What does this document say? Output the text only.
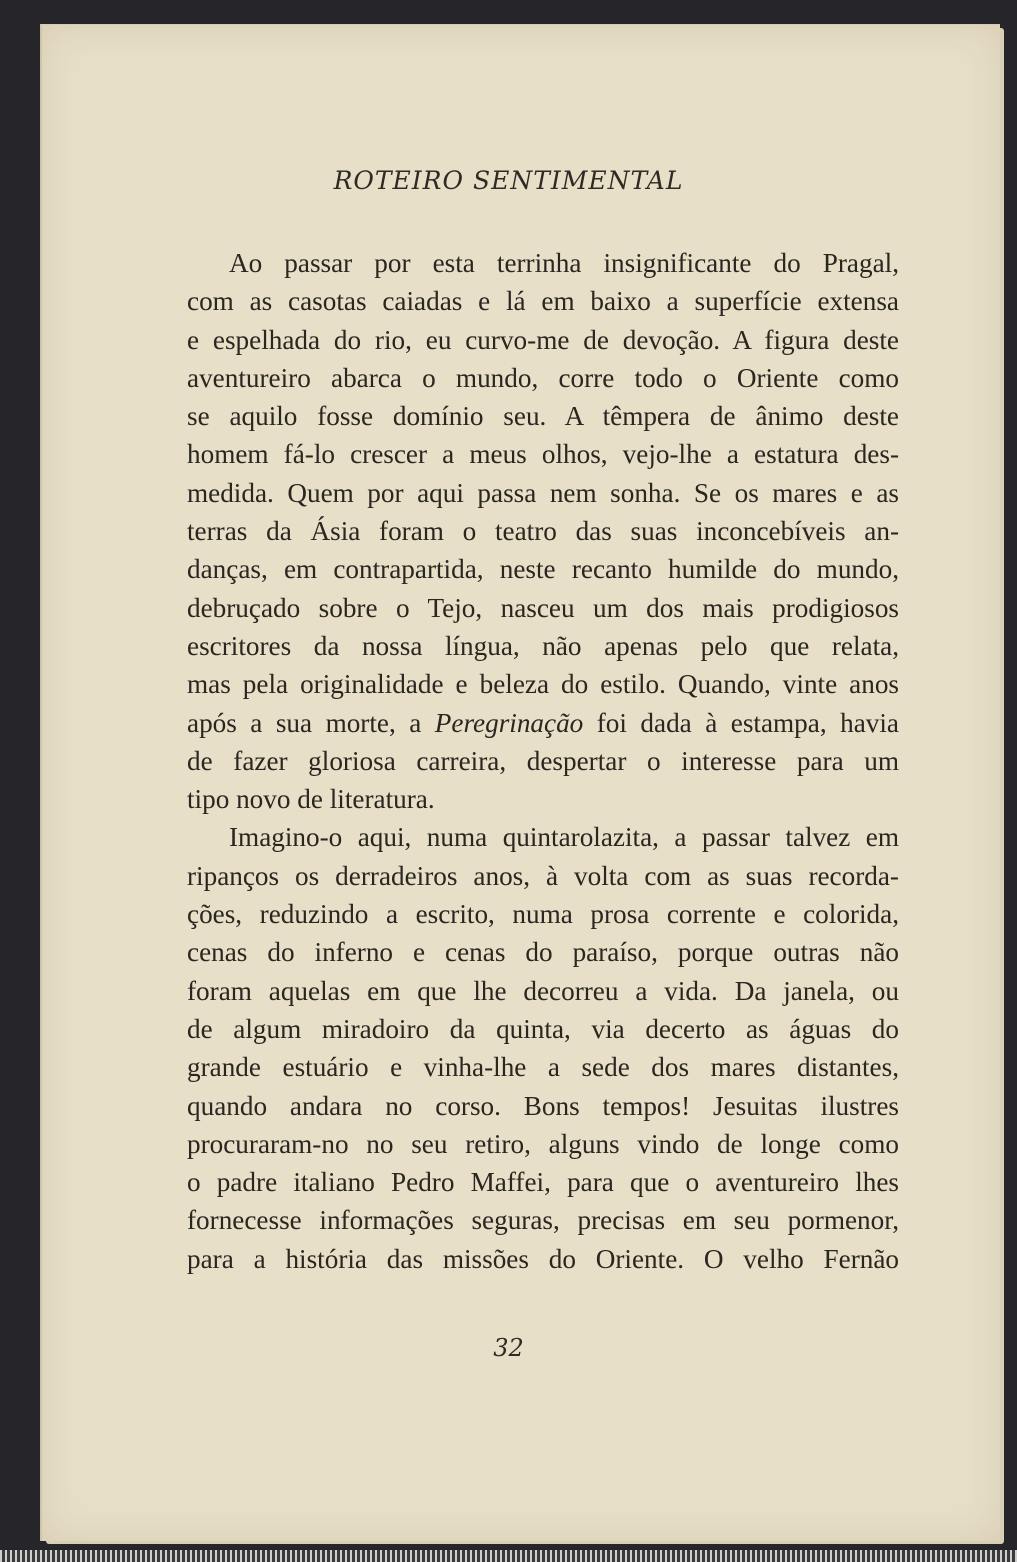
ROTEIRO SENTIMENTAL
Ao passar por esta terrinha insignificante do Pragal,
com as casotas caiadas e lá em baixo a superfície extensa
e espelhada do rio, eu curvo-me de devoção. A figura deste
aventureiro abarca o mundo, corre todo o Oriente como
se aquilo fosse domínio seu. A têmpera de ânimo deste
homem fá-lo crescer a meus olhos, vejo-lhe a estatura des-
medida. Quem por aqui passa nem sonha. Se os mares e as
terras da Ásia foram o teatro das suas inconcebíveis an-
danças, em contrapartida, neste recanto humilde do mundo,
debruçado sobre o Tejo, nasceu um dos mais prodigiosos
escritores da nossa língua, não apenas pelo que relata,
mas pela originalidade e beleza do estilo. Quando, vinte anos
após a sua morte, a Peregrinação foi dada à estampa, havia
de fazer gloriosa carreira, despertar o interesse para um
tipo novo de literatura.
Imagino-o aqui, numa quintarolazita, a passar talvez em
ripanços os derradeiros anos, à volta com as suas recorda-
ções, reduzindo a escrito, numa prosa corrente e colorida,
cenas do inferno e cenas do paraíso, porque outras não
foram aquelas em que lhe decorreu a vida. Da janela, ou
de algum miradoiro da quinta, via decerto as águas do
grande estuário e vinha-lhe a sede dos mares distantes,
quando andara no corso. Bons tempos! Jesuitas ilustres
procuraram-no no seu retiro, alguns vindo de longe como
o padre italiano Pedro Maffei, para que o aventureiro lhes
fornecesse informações seguras, precisas em seu pormenor,
para a história das missões do Oriente. O velho Fernão
32
